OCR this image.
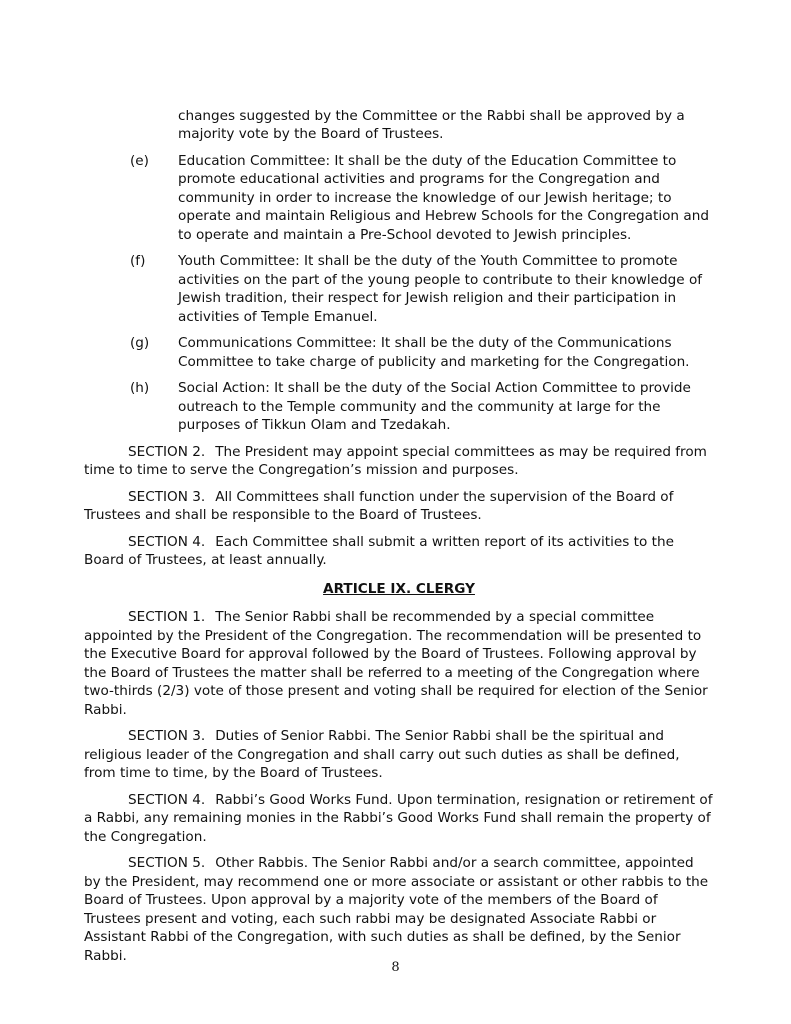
changes suggested by the Committee or the Rabbi shall be approved by a majority vote by the Board of Trustees.

(e)	Education Committee: It shall be the duty of the Education Committee to promote educational activities and programs for the Congregation and community in order to increase the knowledge of our Jewish heritage; to operate and maintain Religious and Hebrew Schools for the Congregation and to operate and maintain a Pre-School devoted to Jewish principles.
(f)	Youth Committee: It shall be the duty of the Youth Committee to promote activities on the part of the young people to contribute to their knowledge of Jewish tradition, their respect for Jewish religion and their participation in activities of Temple Emanuel.
(g)	Communications Committee: It shall be the duty of the Communications Committee to take charge of publicity and marketing for the Congregation.
(h)	Social Action: It shall be the duty of the Social Action Committee to provide outreach to the Temple community and the community at large for the purposes of Tikkun Olam and Tzedakah.

SECTION 2. The President may appoint special committees as may be required from time to time to serve the Congregation’s mission and purposes.

SECTION 3. All Committees shall function under the supervision of the Board of Trustees and shall be responsible to the Board of Trustees.

SECTION 4. Each Committee shall submit a written report of its activities to the Board of Trustees, at least annually.

ARTICLE IX. CLERGY

SECTION 1. The Senior Rabbi shall be recommended by a special committee appointed by the President of the Congregation. The recommendation will be presented to the Executive Board for approval followed by the Board of Trustees. Following approval by the Board of Trustees the matter shall be referred to a meeting of the Congregation where two-thirds (2/3) vote of those present and voting shall be required for election of the Senior Rabbi.

SECTION 3. Duties of Senior Rabbi. The Senior Rabbi shall be the spiritual and religious leader of the Congregation and shall carry out such duties as shall be defined, from time to time, by the Board of Trustees.

SECTION 4. Rabbi’s Good Works Fund. Upon termination, resignation or retirement of a Rabbi, any remaining monies in the Rabbi’s Good Works Fund shall remain the property of the Congregation.

SECTION 5. Other Rabbis. The Senior Rabbi and/or a search committee, appointed by the President, may recommend one or more associate or assistant or other rabbis to the Board of Trustees. Upon approval by a majority vote of the members of the Board of Trustees present and voting, each such rabbi may be designated Associate Rabbi or Assistant Rabbi of the Congregation, with such duties as shall be defined, by the Senior Rabbi.

8
